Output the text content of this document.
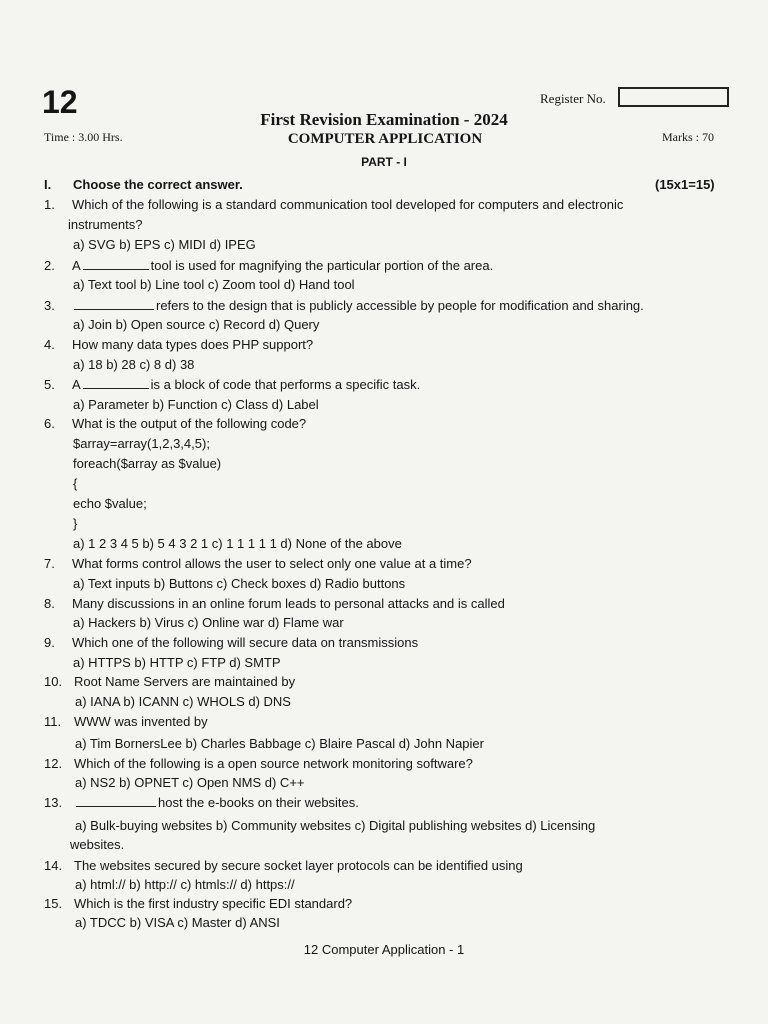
12	Register No.
First Revision Examination - 2024
Time : 3.00 Hrs.	COMPUTER APPLICATION	Marks : 70
PART - I
I. Choose the correct answer.	(15x1=15)
1. Which of the following is a standard communication tool developed for computers and electronic
instruments?
a) SVG b) EPS c) MIDI d) IPEG
2. A	tool is used for magnifying the particular portion of the area.
a) Text tool b) Line tool c) Zoom tool d) Hand tool
3.	refers to the design that is publicly accessible by people for modification and sharing.
a) Join b) Open source c) Record d) Query
4. How many data types does PHP support?
a) 18 b) 28 c) 8 d) 38
5. A	is a block of code that performs a specific task.
a) Parameter b) Function c) Class d) Label
6. What is the output of the following code?
$array=array(1,2,3,4,5);
foreach($array as $value)
{
echo $value;
}
a) 1 2 3 4 5 b) 5 4 3 2 1 c) 1 1 1 1 1 d) None of the above
7. What forms control allows the user to select only one value at a time?
a) Text inputs b) Buttons c) Check boxes d) Radio buttons
8. Many discussions in an online forum leads to personal attacks and is called
a) Hackers b) Virus c) Online war d) Flame war
9. Which one of the following will secure data on transmissions
a) HTTPS b) HTTP c) FTP d) SMTP
10. Root Name Servers are maintained by
a) IANA b) ICANN c) WHOLS d) DNS
11. WWW was invented by
a) Tim BornersLee b) Charles Babbage c) Blaire Pascal d) John Napier
12. Which of the following is a open source network monitoring software?
a) NS2 b) OPNET c) Open NMS d) C++
13.	host the e-books on their websites.
a) Bulk-buying websites b) Community websites c) Digital publishing websites d) Licensing
websites.
14. The websites secured by secure socket layer protocols can be identified using
a) html:// b) http:// c) htmls:// d) https://
15. Which is the first industry specific EDI standard?
a) TDCC b) VISA c) Master d) ANSI
12 Computer Application - 1
